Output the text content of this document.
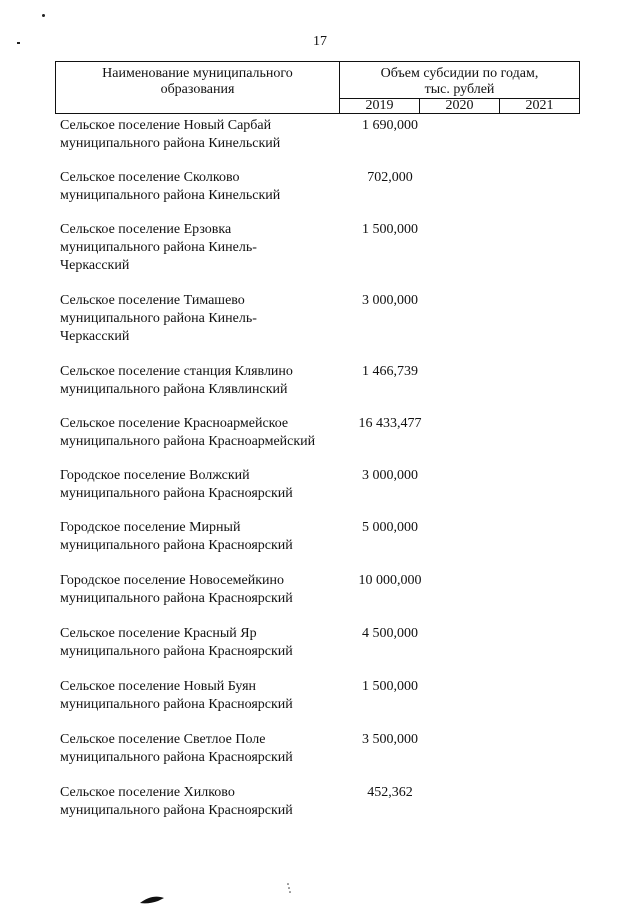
17
Наименование муниципального
образования
Объем субсидии по годам,
тыс. рублей
2019	2020	2021
Сельское поселение Новый Сарбай
муниципального района Кинельский
1 690,000
Сельское поселение Сколково
муниципального района Кинельский
702,000
Сельское поселение Ерзовка
муниципального района Кинель-
Черкасский
1 500,000
Сельское поселение Тимашево
муниципального района Кинель-
Черкасский
3 000,000
Сельское поселение станция Клявлино
муниципального района Клявлинский
1 466,739
Сельское поселение Красноармейское
муниципального района Красноармейский
16 433,477
Городское поселение Волжский
муниципального района Красноярский
3 000,000
Городское поселение Мирный
муниципального района Красноярский
5 000,000
Городское поселение Новосемейкино
муниципального района Красноярский
10 000,000
Сельское поселение Красный Яр
муниципального района Красноярский
4 500,000
Сельское поселение Новый Буян
муниципального района Красноярский
1 500,000
Сельское поселение Светлое Поле
муниципального района Красноярский
3 500,000
Сельское поселение Хилково
муниципального района Красноярский
452,362
